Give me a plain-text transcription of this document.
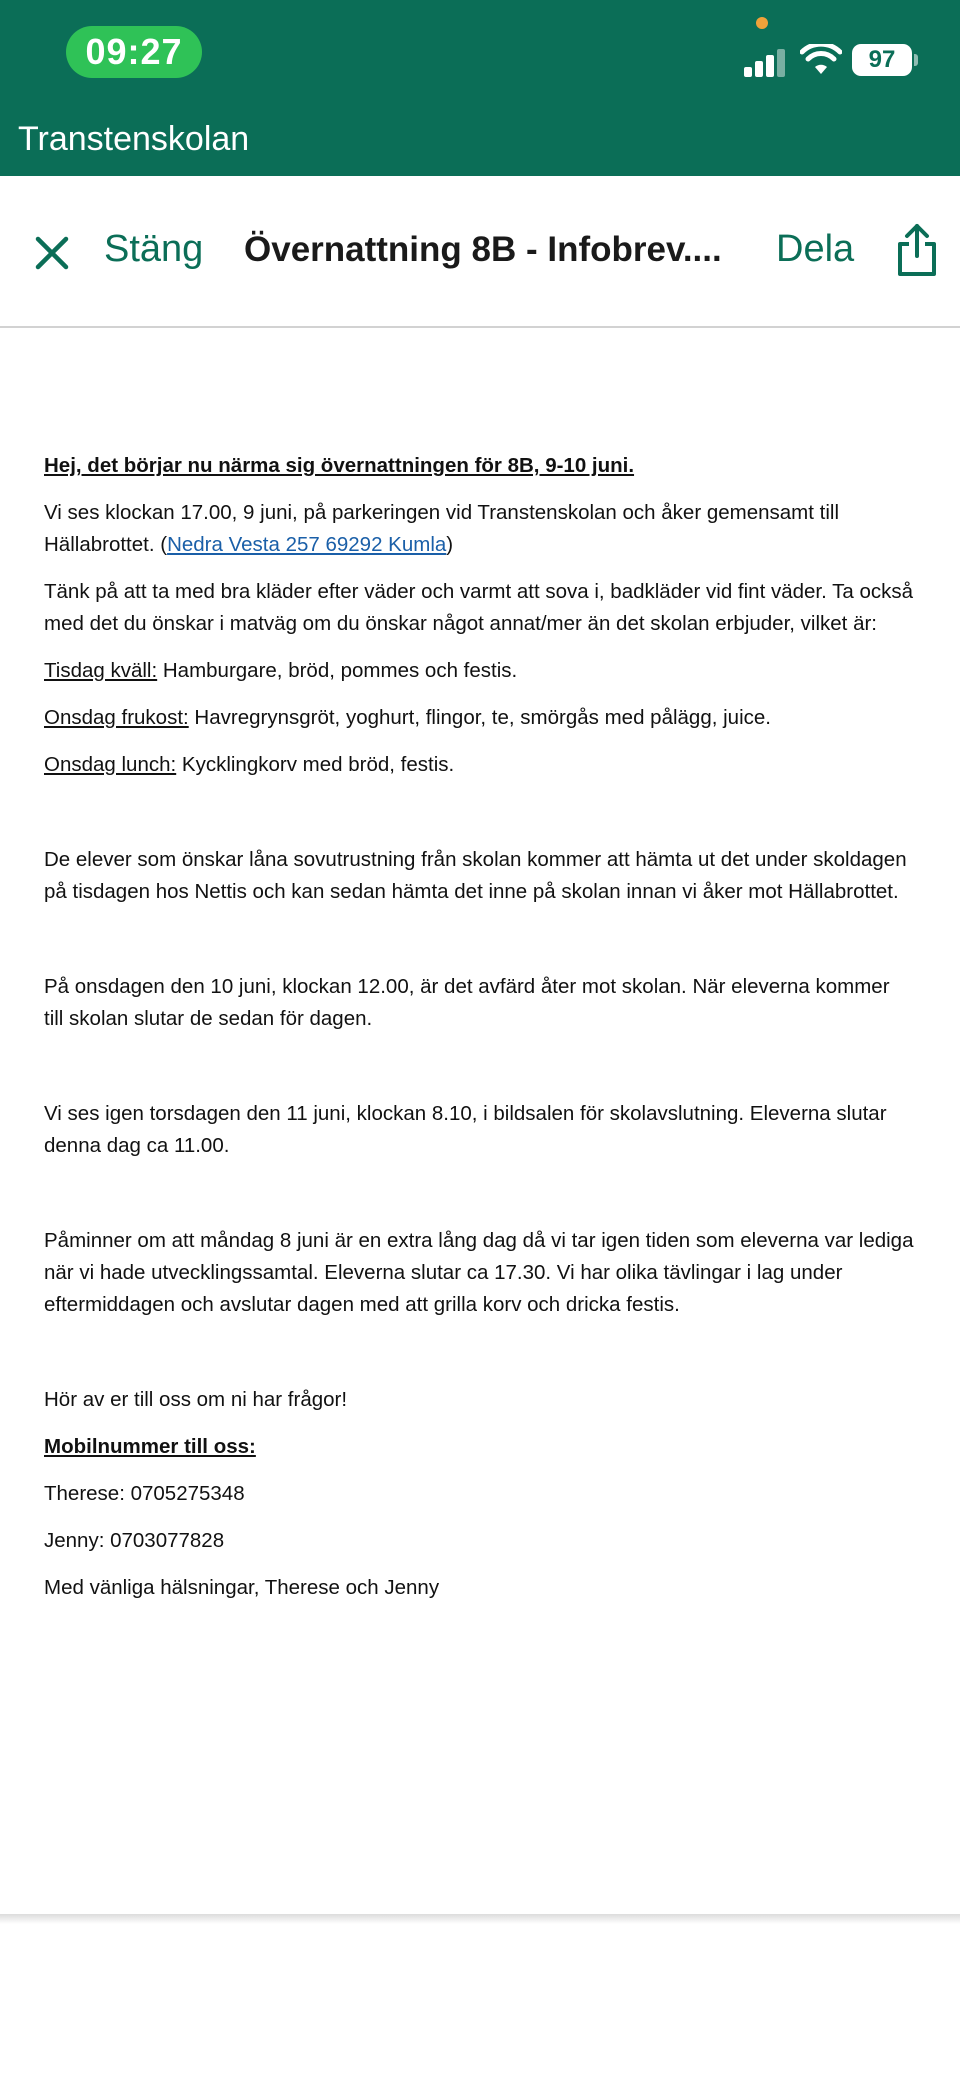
09:27	97
Transtenskolan
Stäng Övernattning 8B - Infobrev....	Dela

Hej, det börjar nu närma sig övernattningen för 8B, 9-10 juni.

Vi ses klockan 17.00, 9 juni, på parkeringen vid Transtenskolan och åker gemensamt till Hällabrottet. (Nedra Vesta 257 69292 Kumla)

Tänk på att ta med bra kläder efter väder och varmt att sova i, badkläder vid fint väder. Ta också med det du önskar i matväg om du önskar något annat/mer än det skolan erbjuder, vilket är:

Tisdag kväll: Hamburgare, bröd, pommes och festis.

Onsdag frukost: Havregrynsgröt, yoghurt, flingor, te, smörgås med pålägg, juice.

Onsdag lunch: Kycklingkorv med bröd, festis.

De elever som önskar låna sovutrustning från skolan kommer att hämta ut det under skoldagen på tisdagen hos Nettis och kan sedan hämta det inne på skolan innan vi åker mot Hällabrottet.

På onsdagen den 10 juni, klockan 12.00, är det avfärd åter mot skolan. När eleverna kommer till skolan slutar de sedan för dagen.

Vi ses igen torsdagen den 11 juni, klockan 8.10, i bildsalen för skolavslutning. Eleverna slutar denna dag ca 11.00.

Påminner om att måndag 8 juni är en extra lång dag då vi tar igen tiden som eleverna var lediga när vi hade utvecklingssamtal. Eleverna slutar ca 17.30. Vi har olika tävlingar i lag under eftermiddagen och avslutar dagen med att grilla korv och dricka festis.

Hör av er till oss om ni har frågor!

Mobilnummer till oss:

Therese: 0705275348

Jenny: 0703077828

Med vänliga hälsningar, Therese och Jenny
